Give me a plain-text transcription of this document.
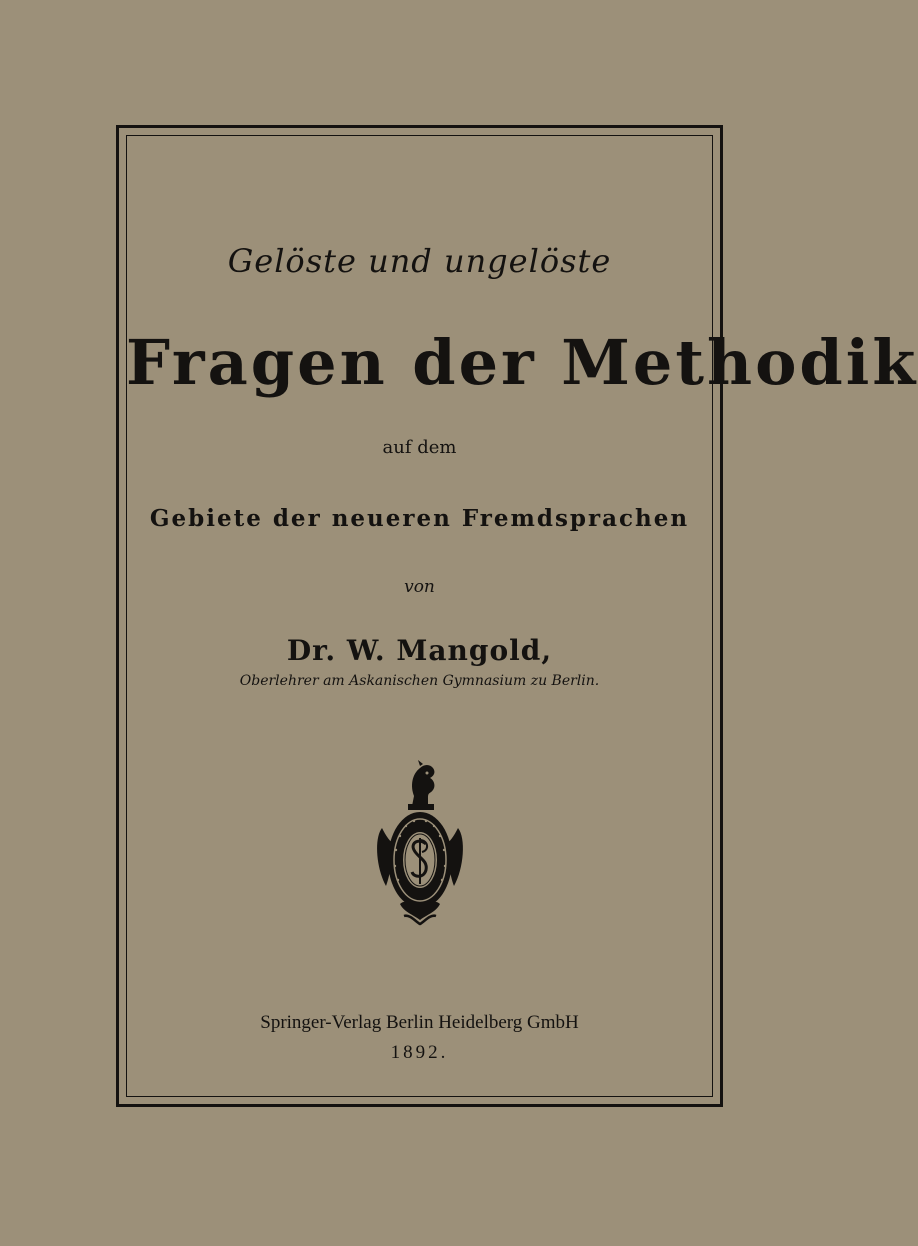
Gelöste und ungelöste
Fragen der Methodik
auf dem
Gebiete der neueren Fremdsprachen
von
Dr. W. Mangold,
Oberlehrer am Askanischen Gymnasium zu Berlin.
Springer-Verlag Berlin Heidelberg GmbH
1892.
